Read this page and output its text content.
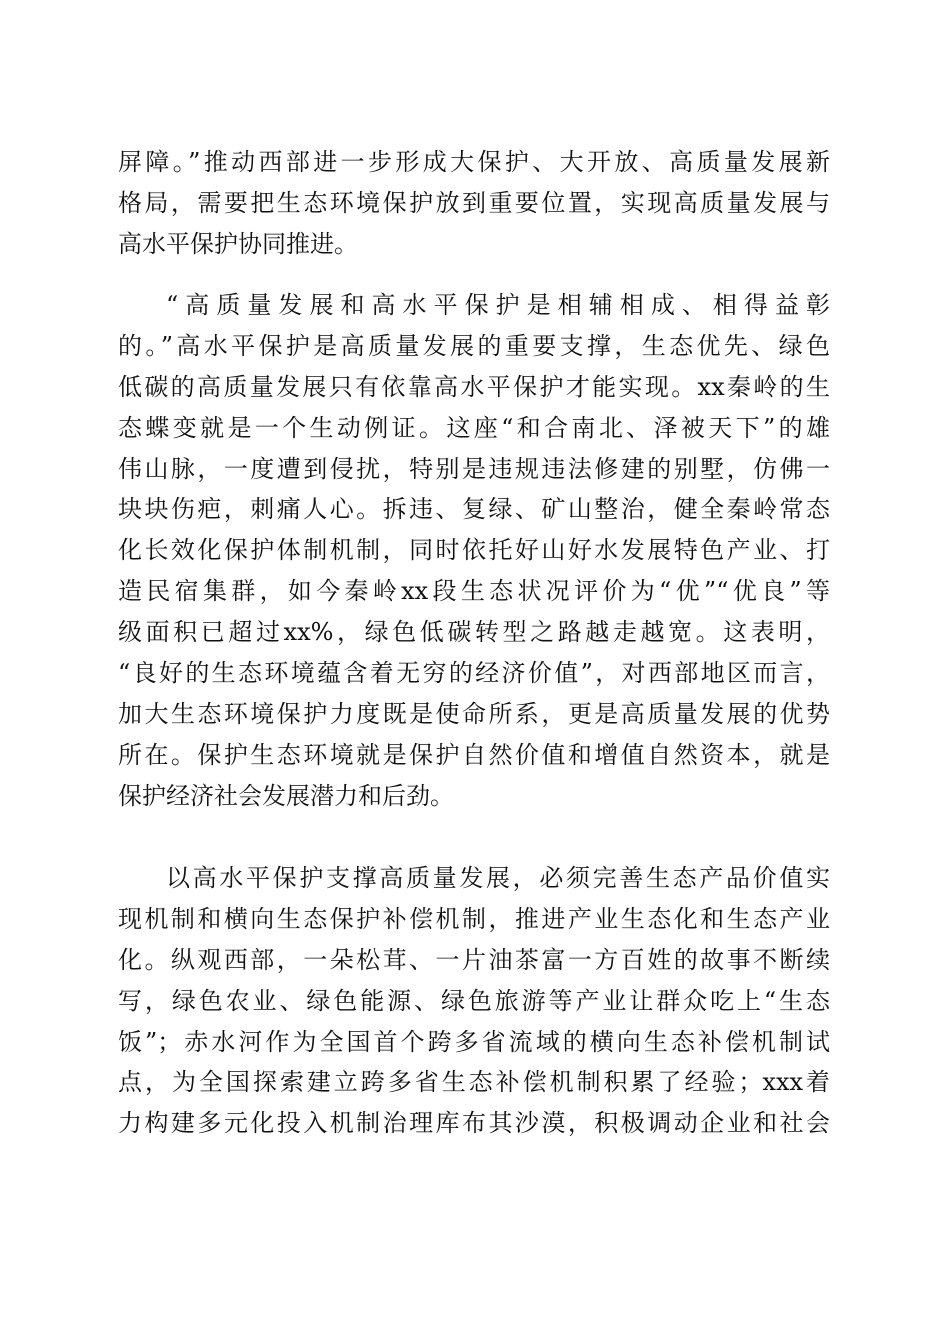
屏障。”推动西部进一步形成大保护、大开放、高质量发展新
格局，需要把生态环境保护放到重要位置，实现高质量发展与
高水平保护协同推进。
“高质量发展和高水平保护是相辅相成、相得益彰
的。”高水平保护是高质量发展的重要支撑，生态优先、绿色
低碳的高质量发展只有依靠高水平保护才能实现。xx秦岭的生
态蝶变就是一个生动例证。这座“和合南北、泽被天下”的雄
伟山脉，一度遭到侵扰，特别是违规违法修建的别墅，仿佛一
块块伤疤，刺痛人心。拆违、复绿、矿山整治，健全秦岭常态
化长效化保护体制机制，同时依托好山好水发展特色产业、打
造民宿集群，如今秦岭xx段生态状况评价为“优”“优良”等
级面积已超过xx%，绿色低碳转型之路越走越宽。这表明，
“良好的生态环境蕴含着无穷的经济价值”，对西部地区而言，
加大生态环境保护力度既是使命所系，更是高质量发展的优势
所在。保护生态环境就是保护自然价值和增值自然资本，就是
保护经济社会发展潜力和后劲。
以高水平保护支撑高质量发展，必须完善生态产品价值实
现机制和横向生态保护补偿机制，推进产业生态化和生态产业
化。纵观西部，一朵松茸、一片油茶富一方百姓的故事不断续
写，绿色农业、绿色能源、绿色旅游等产业让群众吃上“生态
饭”；赤水河作为全国首个跨多省流域的横向生态补偿机制试
点，为全国探索建立跨多省生态补偿机制积累了经验；xxx着
力构建多元化投入机制治理库布其沙漠，积极调动企业和社会
